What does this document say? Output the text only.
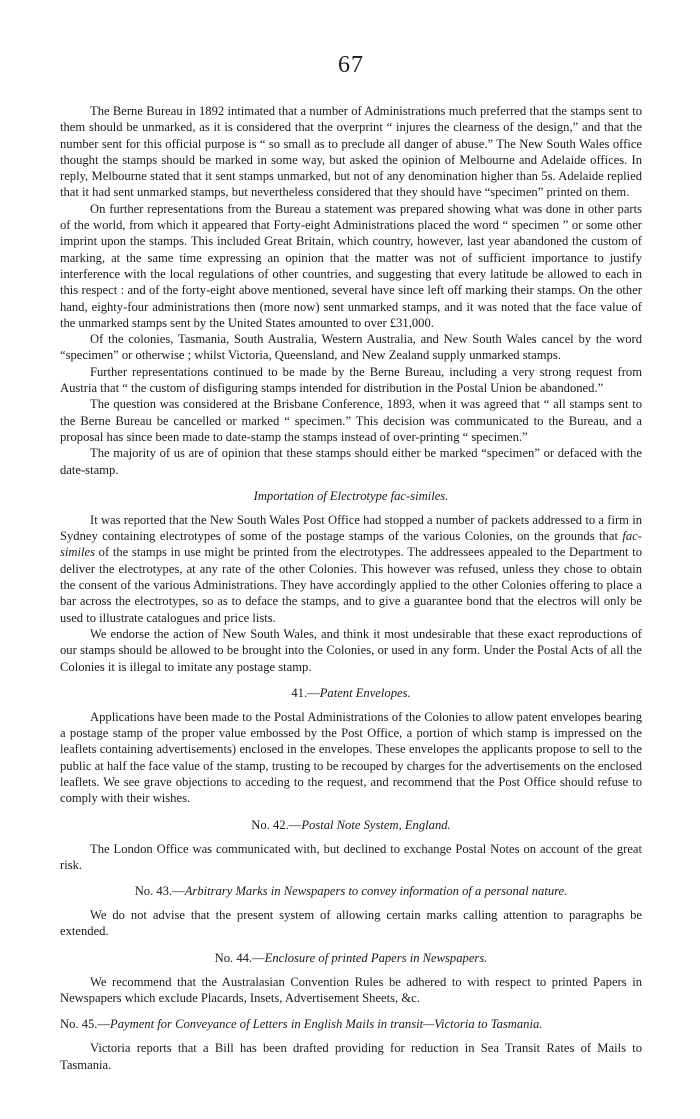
67

The Berne Bureau in 1892 intimated that a number of Administrations much preferred that the stamps sent to them should be unmarked, as it is considered that the overprint “ injures the clearness of the design,” and that the number sent for this official purpose is “ so small as to preclude all danger of abuse.” The New South Wales office thought the stamps should be marked in some way, but asked the opinion of Melbourne and Adelaide offices. In reply, Melbourne stated that it sent stamps unmarked, but not of any denomination higher than 5s. Adelaide replied that it had sent unmarked stamps, but nevertheless considered that they should have “specimen” printed on them.

On further representations from the Bureau a statement was prepared showing what was done in other parts of the world, from which it appeared that Forty-eight Administrations placed the word “ specimen ” or some other imprint upon the stamps. This included Great Britain, which country, however, last year abandoned the custom of marking, at the same time expressing an opinion that the matter was not of sufficient importance to justify interference with the local regulations of other countries, and suggesting that every latitude be allowed to each in this respect : and of the forty-eight above mentioned, several have since left off marking their stamps. On the other hand, eighty-four administrations then (more now) sent unmarked stamps, and it was noted that the face value of the unmarked stamps sent by the United States amounted to over £31,000.

Of the colonies, Tasmania, South Australia, Western Australia, and New South Wales cancel by the word “specimen” or otherwise ; whilst Victoria, Queensland, and New Zealand supply unmarked stamps.

Further representations continued to be made by the Berne Bureau, including a very strong request from Austria that “ the custom of disfiguring stamps intended for distribution in the Postal Union be abandoned.”

The question was considered at the Brisbane Conference, 1893, when it was agreed that “ all stamps sent to the Berne Bureau be cancelled or marked “ specimen.” This decision was communicated to the Bureau, and a proposal has since been made to date-stamp the stamps instead of over-printing “ specimen.”

The majority of us are of opinion that these stamps should either be marked “specimen” or defaced with the date-stamp.

Importation of Electrotype fac-similes.

It was reported that the New South Wales Post Office had stopped a number of packets addressed to a firm in Sydney containing electrotypes of some of the postage stamps of the various Colonies, on the grounds that fac-similes of the stamps in use might be printed from the electrotypes. The addressees appealed to the Department to deliver the electrotypes, at any rate of the other Colonies. This however was refused, unless they chose to obtain the consent of the various Administrations. They have accordingly applied to the other Colonies offering to place a bar across the electrotypes, so as to deface the stamps, and to give a guarantee bond that the electros will only be used to illustrate catalogues and price lists.

We endorse the action of New South Wales, and think it most undesirable that these exact reproductions of our stamps should be allowed to be brought into the Colonies, or used in any form. Under the Postal Acts of all the Colonies it is illegal to imitate any postage stamp.

41.—Patent Envelopes.

Applications have been made to the Postal Administrations of the Colonies to allow patent envelopes bearing a postage stamp of the proper value embossed by the Post Office, a portion of which stamp is impressed on the leaflets containing advertisements) enclosed in the envelopes. These envelopes the applicants propose to sell to the public at half the face value of the stamp, trusting to be recouped by charges for the advertisements on the enclosed leaflets. We see grave objections to acceding to the request, and recommend that the Post Office should refuse to comply with their wishes.

No. 42.—Postal Note System, England.

The London Office was communicated with, but declined to exchange Postal Notes on account of the great risk.

No. 43.—Arbitrary Marks in Newspapers to convey information of a personal nature.

We do not advise that the present system of allowing certain marks calling attention to paragraphs be extended.

No. 44.—Enclosure of printed Papers in Newspapers.

We recommend that the Australasian Convention Rules be adhered to with respect to printed Papers in Newspapers which exclude Placards, Insets, Advertisement Sheets, &c.

No. 45.—Payment for Conveyance of Letters in English Mails in transit—Victoria to Tasmania.

Victoria reports that a Bill has been drafted providing for reduction in Sea Transit Rates of Mails to Tasmania.
